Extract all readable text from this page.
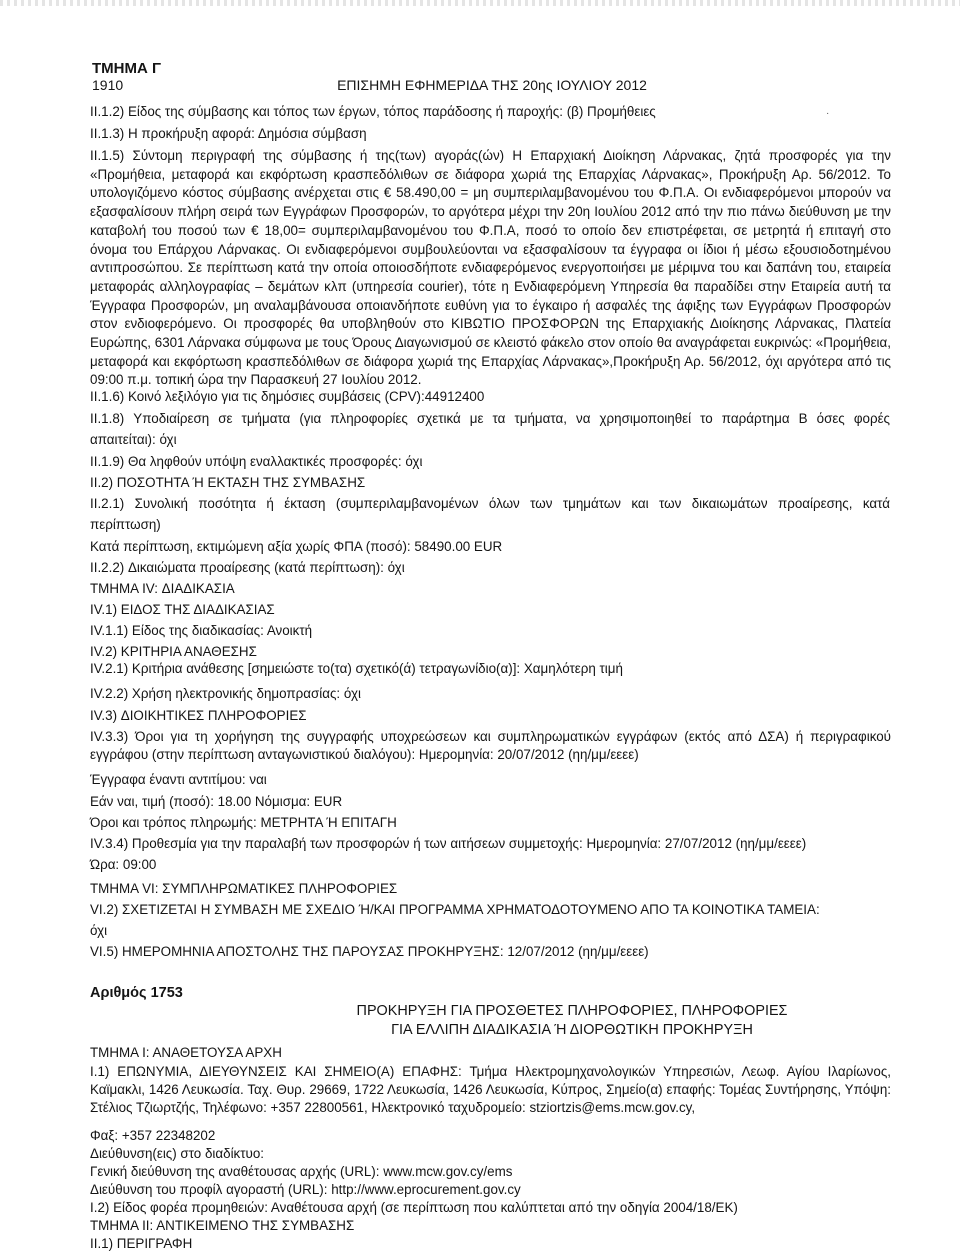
ΤΜΗΜΑ Γ
1910	ΕΠΙΣΗΜΗ ΕΦΗΜΕΡΙΔΑ ΤΗΣ 20ης ΙΟΥΛΙΟΥ 2012
II.1.2) Είδος της σύμβασης και τόπος των έργων, τόπος παράδοσης ή παροχής: (β) Προμήθειες	·
II.1.3) Η προκήρυξη αφορά: Δημόσια σύμβαση
II.1.5) Σύντομη περιγραφή της σύμβασης ή της(των) αγοράς(ών) Η Επαρχιακή Διοίκηση Λάρνακας, ζητά προσφορές για την «Προμήθεια, μεταφορά και εκφόρτωση κρασπεδόλιθων σε διάφορα χωριά της Επαρχίας Λάρνακας», Προκήρυξη Αρ. 56/2012. Το υπολογιζόμενο κόστος σύμβασης ανέρχεται στις € 58.490,00 = μη συμπεριλαμβανομένου του Φ.Π.Α. Οι ενδιαφερόμενοι μπορούν να εξασφαλίσουν πλήρη σειρά των Εγγράφων Προσφορών, το αργότερα μέχρι την 20η Ιουλίου 2012 από την πιο πάνω διεύθυνση με την καταβολή του ποσού των € 18,00= συμπεριλαμβανομένου του Φ.Π.Α, ποσό το οποίο δεν επιστρέφεται, σε μετρητά ή επιταγή στο όνομα του Επάρχου Λάρνακας. Οι ενδιαφερόμενοι συμβουλεύονται να εξασφαλίσουν τα έγγραφα οι ίδιοι ή μέσω εξουσιοδοτημένου αντιπροσώπου. Σε περίπτωση κατά την οποία οποιοσδήποτε ενδιαφερόμενος ενεργοποιήσει με μέριμνα του και δαπάνη του, εταιρεία μεταφοράς αλληλογραφίας – δεμάτων κλπ (υπηρεσία courier), τότε η Ενδιαφερόμενη Υπηρεσία θα παραδίδει στην Εταιρεία αυτή τα Έγγραφα Προσφορών, μη αναλαμβάνουσα οποιανδήποτε ευθύνη για το έγκαιρο ή ασφαλές της άφιξης των Εγγράφων Προσφορών στον ενδιοφερόμενο. Οι προσφορές θα υποβληθούν στο ΚΙΒΩΤΙΟ ΠΡΟΣΦΟΡΩΝ της Επαρχιακής Διοίκησης Λάρνακας, Πλατεία Ευρώπης, 6301 Λάρνακα σύμφωνα με τους Όρους Διαγωνισμού σε κλειστό φάκελο στον οποίο θα αναγράφεται ευκρινώς: «Προμήθεια, μεταφορά και εκφόρτωση κρασπεδόλιθων σε διάφορα χωριά της Επαρχίας Λάρνακας»,Προκήρυξη Αρ. 56/2012, όχι αργότερα από τις 09:00 π.μ. τοπική ώρα την Παρασκευή 27 Ιουλίου 2012.
II.1.6) Κοινό λεξιλόγιο για τις δημόσιες συμβάσεις (CPV):44912400
II.1.8) Υποδιαίρεση σε τμήματα (για πληροφορίες σχετικά με τα τμήματα, να χρησιμοποιηθεί το παράρτημα Β όσες φορές
απαιτείται): όχι
II.1.9) Θα ληφθούν υπόψη εναλλακτικές προσφορές: όχι
II.2) ΠΟΣΟΤΗΤΑ Ή ΕΚΤΑΣΗ ΤΗΣ ΣΥΜΒΑΣΗΣ
II.2.1) Συνολική ποσότητα ή έκταση (συμπεριλαμβανομένων όλων των τμημάτων και των δικαιωμάτων προαίρεσης, κατά
περίπτωση)
Κατά περίπτωση, εκτιμώμενη αξία χωρίς ΦΠΑ (ποσό): 58490.00 EUR
II.2.2) Δικαιώματα προαίρεσης (κατά περίπτωση): όχι
ΤΜΗΜΑ IV: ΔΙΑΔΙΚΑΣΙΑ
IV.1) ΕΙΔΟΣ ΤΗΣ ΔΙΑΔΙΚΑΣΙΑΣ
IV.1.1) Είδος της διαδικασίας: Ανοικτή
IV.2) ΚΡΙΤΗΡΙΑ ΑΝΑΘΕΣΗΣ
IV.2.1) Κριτήρια ανάθεσης [σημειώστε το(τα) σχετικό(ά) τετραγωνίδιο(α)]: Χαμηλότερη τιμή
IV.2.2) Χρήση ηλεκτρονικής δημοπρασίας: όχι
IV.3) ΔΙΟΙΚΗΤΙΚΕΣ ΠΛΗΡΟΦΟΡΙΕΣ
IV.3.3) Όροι για τη χορήγηση της συγγραφής υποχρεώσεων και συμπληρωματικών εγγράφων (εκτός από ΔΣΑ) ή περιγραφικού εγγράφου (στην περίπτωση ανταγωνιστικού διαλόγου): Ημερομηνία: 20/07/2012 (ηη/μμ/εεεε)
Έγγραφα έναντι αντιτίμου: ναι
Εάν ναι, τιμή (ποσό): 18.00 Νόμισμα: EUR
Όροι και τρόπος πληρωμής: ΜΕΤΡΗΤΑ Ή ΕΠΙΤΑΓΗ
IV.3.4) Προθεσμία για την παραλαβή των προσφορών ή των αιτήσεων συμμετοχής: Ημερομηνία: 27/07/2012 (ηη/μμ/εεεε)
Ώρα: 09:00
ΤΜΗΜΑ VI: ΣΥΜΠΛΗΡΩΜΑΤΙΚΕΣ ΠΛΗΡΟΦΟΡΙΕΣ
VI.2) ΣΧΕΤΙΖΕΤΑΙ Η ΣΥΜΒΑΣΗ ΜΕ ΣΧΕΔΙΟ Ή/ΚΑΙ ΠΡΟΓΡΑΜΜΑ ΧΡΗΜΑΤΟΔΟΤΟΥΜΕΝΟ ΑΠΟ ΤΑ ΚΟΙΝΟΤΙΚΑ ΤΑΜΕΙΑ:
όχι
VI.5) ΗΜΕΡΟΜΗΝΙΑ ΑΠΟΣΤΟΛΗΣ ΤΗΣ ΠΑΡΟΥΣΑΣ ΠΡΟΚΗΡΥΞΗΣ: 12/07/2012 (ηη/μμ/εεεε)
Αριθμός 1753
ΠΡΟΚΗΡΥΞΗ ΓΙΑ ΠΡΟΣΘΕΤΕΣ ΠΛΗΡΟΦΟΡΙΕΣ, ΠΛΗΡΟΦΟΡΙΕΣ
ΓΙΑ ΕΛΛΙΠΗ ΔΙΑΔΙΚΑΣΙΑ Ή ΔΙΟΡΘΩΤΙΚΗ ΠΡΟΚΗΡΥΞΗ
ΤΜΗΜΑ Ι: ΑΝΑΘΕΤΟΥΣΑ ΑΡΧΗ
Ι.1) ΕΠΩΝΥΜΙΑ, ΔΙΕΥΘΥΝΣΕΙΣ ΚΑΙ ΣΗΜΕΙΟ(Α) ΕΠΑΦΗΣ: Τμήμα Ηλεκτρομηχανολογικών Υπηρεσιών, Λεωφ. Αγίου Ιλαρίωνος, Καϊμακλι, 1426 Λευκωσία. Ταχ. Θυρ. 29669, 1722 Λευκωσία, 1426 Λευκωσία, Κύπρος, Σημείο(α) επαφής: Τομέας Συντήρησης, Υπόψη: Στέλιος Τζιωρτζής, Τηλέφωνο: +357 22800561, Ηλεκτρονικό ταχυδρομείο: stziortzis@ems.mcw.gov.cy,
Φαξ: +357 22348202
Διεύθυνση(εις) στο διαδίκτυο:
Γενική διεύθυνση της αναθέτουσας αρχής (URL): www.mcw.gov.cy/ems
Διεύθυνση του προφίλ αγοραστή (URL): http://www.eprocurement.gov.cy
Ι.2) Είδος φορέα προμηθειών: Αναθέτουσα αρχή (σε περίπτωση που καλύπτεται από την οδηγία 2004/18/ΕΚ)
ΤΜΗΜΑ ΙΙ: ΑΝΤΙΚΕΙΜΕΝΟ ΤΗΣ ΣΥΜΒΑΣΗΣ
ΙΙ.1) ΠΕΡΙΓΡΑΦΗ
